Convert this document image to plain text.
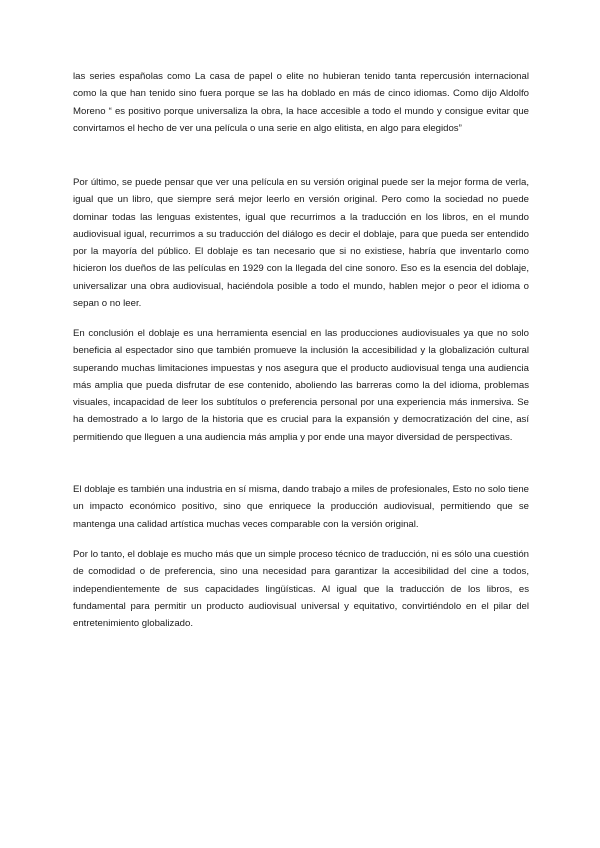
las series españolas como La casa de papel o elite no hubieran tenido tanta repercusión internacional como la que han tenido sino fuera porque se las ha doblado en más de cinco idiomas. Como dijo Aldolfo Moreno “ es positivo porque universaliza la obra, la hace accesible a todo el mundo y consigue evitar que convirtamos el hecho de ver una película o una serie en algo elitista, en algo para elegidos”

Por último, se puede pensar que ver una película en su versión original puede ser la mejor forma de verla, igual que un libro, que siempre será mejor leerlo en versión original. Pero como la sociedad no puede dominar todas las lenguas existentes, igual que recurrimos a la traducción en los libros, en el mundo audiovisual igual, recurrimos a su traducción del diálogo es decir el doblaje, para que pueda ser entendido por la mayoría del público. El doblaje es tan necesario que si no existiese, habría que inventarlo como hicieron los dueños de las películas en 1929 con la llegada del cine sonoro. Eso es la esencia del doblaje, universalizar una obra audiovisual, haciéndola posible a todo el mundo, hablen mejor o peor el idioma o sepan o no leer.

En conclusión el doblaje es una herramienta esencial en las producciones audiovisuales ya que no solo beneficia al espectador sino que también promueve la inclusión la accesibilidad y la globalización cultural superando muchas limitaciones impuestas y nos asegura que el producto audiovisual tenga una audiencia más amplia que pueda disfrutar de ese contenido, aboliendo las barreras como la del idioma, problemas visuales, incapacidad de leer los subtítulos o preferencia personal por una experiencia más inmersiva. Se ha demostrado a lo largo de la historia que es crucial para la expansión y democratización del cine, así permitiendo que lleguen a una audiencia más amplia y por ende una mayor diversidad de perspectivas.

El doblaje es también una industria en sí misma, dando trabajo a miles de profesionales, Esto no solo tiene un impacto económico positivo, sino que enriquece la producción audiovisual, permitiendo que se mantenga una calidad artística muchas veces comparable con la versión original.

Por lo tanto, el doblaje es mucho más que un simple proceso técnico de traducción, ni es sólo una cuestión de comodidad o de preferencia, sino una necesidad para garantizar la accesibilidad del cine a todos, independientemente de sus capacidades lingüísticas. Al igual que la traducción de los libros, es fundamental para permitir un producto audiovisual universal y equitativo, convirtiéndolo en el pilar del entretenimiento globalizado.
